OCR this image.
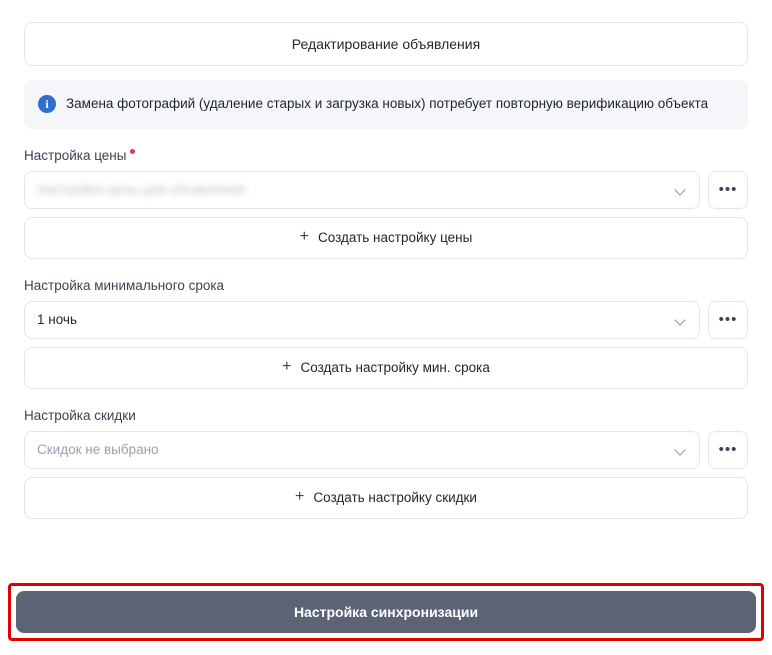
Редактирование объявления
i	Замена фотографий (удаление старых и загрузка новых) потребует повторную верификацию объекта
Настройка цены
Настройка цены для объявления	•••
+ Создать настройку цены
Настройка минимального срока
1 ночь	•••
+ Создать настройку мин. срока
Настройка скидки
Скидок не выбрано	•••
+ Создать настройку скидки
Настройка синхронизации
